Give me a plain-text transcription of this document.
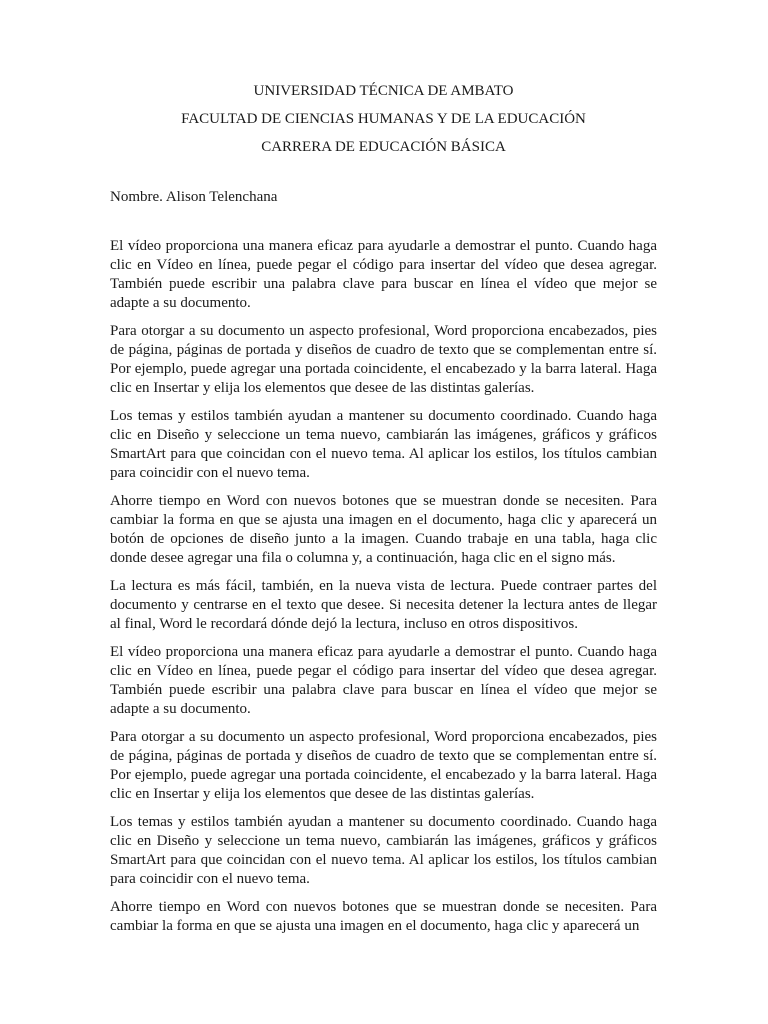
UNIVERSIDAD TÉCNICA DE AMBATO

FACULTAD DE CIENCIAS HUMANAS Y DE LA EDUCACIÓN

CARRERA DE EDUCACIÓN BÁSICA

Nombre. Alison Telenchana

El vídeo proporciona una manera eficaz para ayudarle a demostrar el punto. Cuando haga clic en Vídeo en línea, puede pegar el código para insertar del vídeo que desea agregar. También puede escribir una palabra clave para buscar en línea el vídeo que mejor se adapte a su documento.

Para otorgar a su documento un aspecto profesional, Word proporciona encabezados, pies de página, páginas de portada y diseños de cuadro de texto que se complementan entre sí. Por ejemplo, puede agregar una portada coincidente, el encabezado y la barra lateral. Haga clic en Insertar y elija los elementos que desee de las distintas galerías.

Los temas y estilos también ayudan a mantener su documento coordinado. Cuando haga clic en Diseño y seleccione un tema nuevo, cambiarán las imágenes, gráficos y gráficos SmartArt para que coincidan con el nuevo tema. Al aplicar los estilos, los títulos cambian para coincidir con el nuevo tema.

Ahorre tiempo en Word con nuevos botones que se muestran donde se necesiten. Para cambiar la forma en que se ajusta una imagen en el documento, haga clic y aparecerá un botón de opciones de diseño junto a la imagen. Cuando trabaje en una tabla, haga clic donde desee agregar una fila o columna y, a continuación, haga clic en el signo más.

La lectura es más fácil, también, en la nueva vista de lectura. Puede contraer partes del documento y centrarse en el texto que desee. Si necesita detener la lectura antes de llegar al final, Word le recordará dónde dejó la lectura, incluso en otros dispositivos.

El vídeo proporciona una manera eficaz para ayudarle a demostrar el punto. Cuando haga clic en Vídeo en línea, puede pegar el código para insertar del vídeo que desea agregar. También puede escribir una palabra clave para buscar en línea el vídeo que mejor se adapte a su documento.

Para otorgar a su documento un aspecto profesional, Word proporciona encabezados, pies de página, páginas de portada y diseños de cuadro de texto que se complementan entre sí. Por ejemplo, puede agregar una portada coincidente, el encabezado y la barra lateral. Haga clic en Insertar y elija los elementos que desee de las distintas galerías.

Los temas y estilos también ayudan a mantener su documento coordinado. Cuando haga clic en Diseño y seleccione un tema nuevo, cambiarán las imágenes, gráficos y gráficos SmartArt para que coincidan con el nuevo tema. Al aplicar los estilos, los títulos cambian para coincidir con el nuevo tema.

Ahorre tiempo en Word con nuevos botones que se muestran donde se necesiten. Para cambiar la forma en que se ajusta una imagen en el documento, haga clic y aparecerá un
